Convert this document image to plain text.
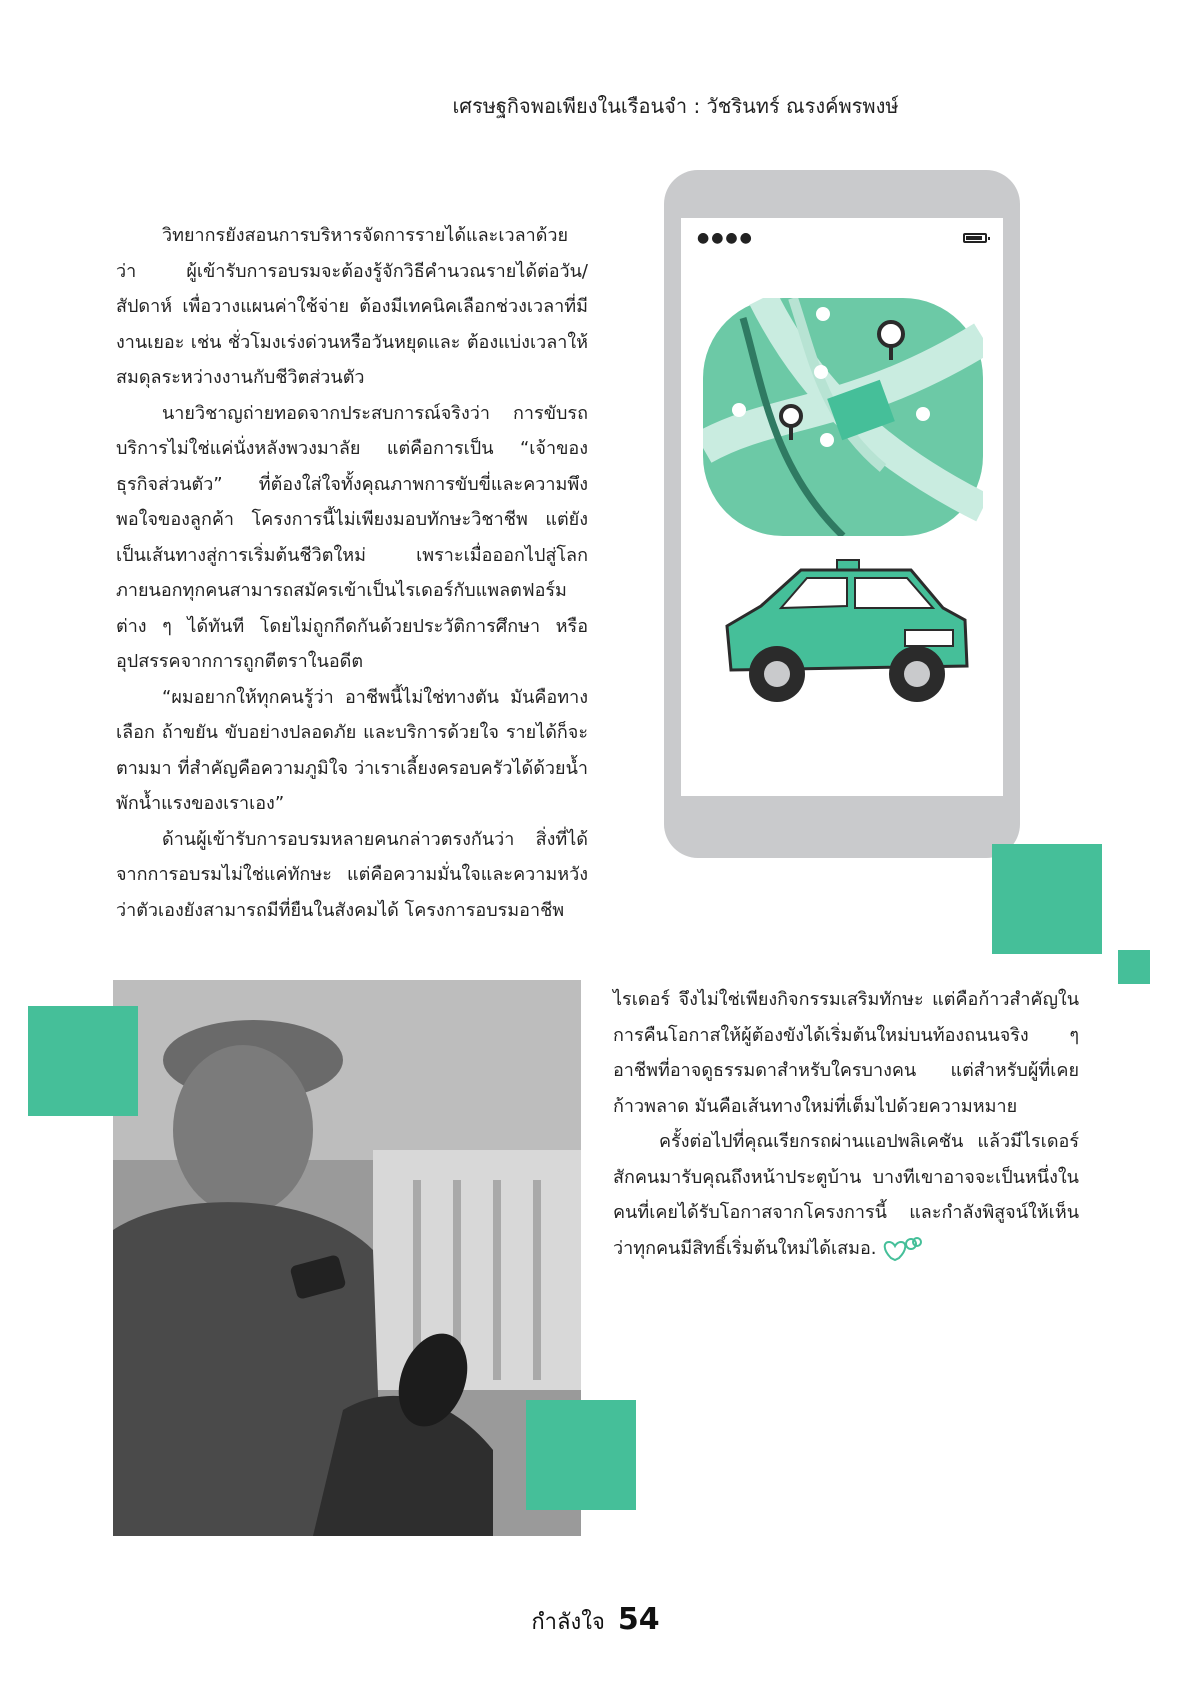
เศรษฐกิจพอเพียงในเรือนจำ : วัชรินทร์ ณรงค์พรพงษ์

วิทยากรยังสอนการบริหารจัดการรายได้และเวลาด้วยว่า ผู้เข้ารับการอบรมจะต้องรู้จักวิธีคำนวณรายได้ต่อวัน/สัปดาห์ เพื่อวางแผนค่าใช้จ่าย ต้องมีเทคนิคเลือกช่วงเวลาที่มีงานเยอะ เช่น ชั่วโมงเร่งด่วนหรือวันหยุดและ ต้องแบ่งเวลาให้สมดุลระหว่างงานกับชีวิตส่วนตัว

นายวิชาญถ่ายทอดจากประสบการณ์จริงว่า การขับรถบริการไม่ใช่แค่นั่งหลังพวงมาลัย แต่คือการเป็น “เจ้าของธุรกิจส่วนตัว” ที่ต้องใส่ใจทั้งคุณภาพการขับขี่และความพึงพอใจของลูกค้า โครงการนี้ไม่เพียงมอบทักษะวิชาชีพ แต่ยังเป็นเส้นทางสู่การเริ่มต้นชีวิตใหม่ เพราะเมื่อออกไปสู่โลกภายนอกทุกคนสามารถสมัครเข้าเป็นไรเดอร์กับแพลตฟอร์มต่าง ๆ ได้ทันที โดยไม่ถูกกีดกันด้วยประวัติการศึกษา หรืออุปสรรคจากการถูกตีตราในอดีต

“ผมอยากให้ทุกคนรู้ว่า อาชีพนี้ไม่ใช่ทางตัน มันคือทางเลือก ถ้าขยัน ขับอย่างปลอดภัย และบริการด้วยใจ รายได้ก็จะตามมา ที่สำคัญคือความภูมิใจ ว่าเราเลี้ยงครอบครัวได้ด้วยน้ำพักน้ำแรงของเราเอง”

ด้านผู้เข้ารับการอบรมหลายคนกล่าวตรงกันว่า สิ่งที่ได้จากการอบรมไม่ใช่แค่ทักษะ แต่คือความมั่นใจและความหวังว่าตัวเองยังสามารถมีที่ยืนในสังคมได้ โครงการอบรมอาชีพ

●●●●

ไรเดอร์ จึงไม่ใช่เพียงกิจกรรมเสริมทักษะ แต่คือก้าวสำคัญในการคืนโอกาสให้ผู้ต้องขังได้เริ่มต้นใหม่บนท้องถนนจริง ๆ อาชีพที่อาจดูธรรมดาสำหรับใครบางคน แต่สำหรับผู้ที่เคยก้าวพลาด มันคือเส้นทางใหม่ที่เต็มไปด้วยความหมาย

ครั้งต่อไปที่คุณเรียกรถผ่านแอปพลิเคชัน แล้วมีไรเดอร์สักคนมารับคุณถึงหน้าประตูบ้าน บางทีเขาอาจจะเป็นหนึ่งในคนที่เคยได้รับโอกาสจากโครงการนี้ และกำลังพิสูจน์ให้เห็นว่าทุกคนมีสิทธิ์เริ่มต้นใหม่ได้เสมอ.

กำลังใจ 54
